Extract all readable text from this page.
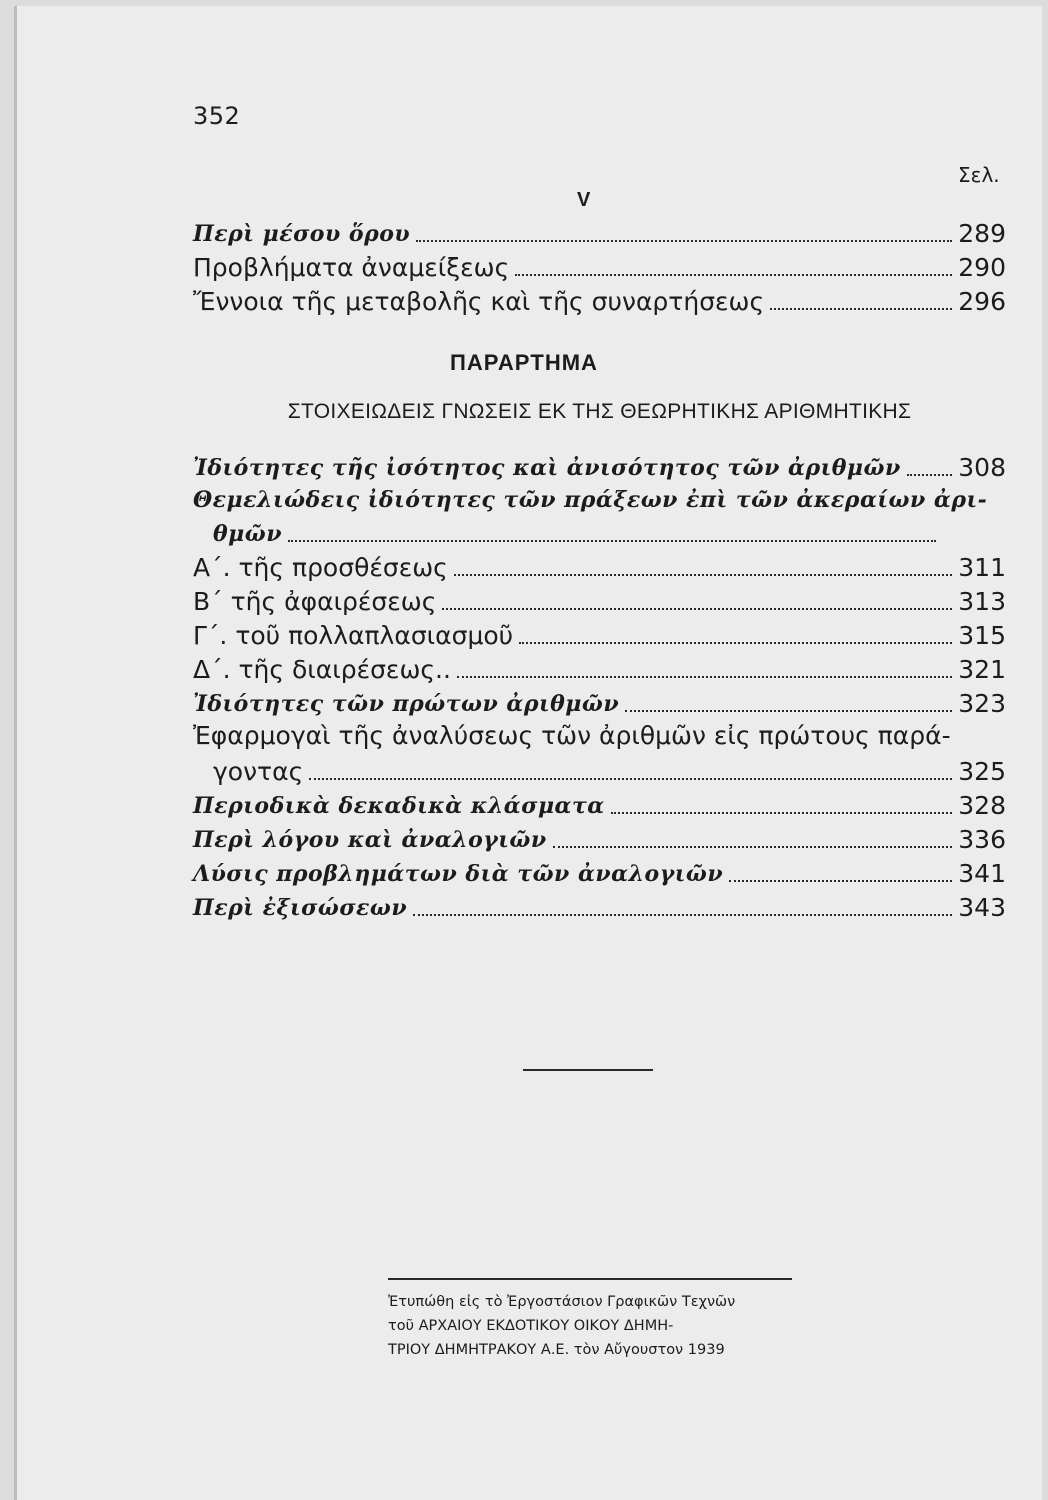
352
Σελ.
V
Περὶ μέσου ὅρου	289
Προβλήματα ἀναμείξεως	290
Ἔννοια τῆς μεταβολῆς καὶ τῆς συναρτήσεως	296
ΠΑΡΑΡΤΗΜΑ
ΣΤΟΙΧΕΙΩΔΕΙΣ ΓΝΩΣΕΙΣ ΕΚ ΤΗΣ ΘΕΩΡΗΤΙΚΗΣ ΑΡΙΘΜΗΤΙΚΗΣ
Ἰδιότητες τῆς ἰσότητος καὶ ἀνισότητος τῶν ἀριθμῶν 308
Θεμελιώδεις ἰδιότητες τῶν πράξεων ἐπὶ τῶν ἀκεραίων ἀρι-
θμῶν
Α΄. τῆς προσθέσεως	311
Β΄ τῆς ἀφαιρέσεως	313
Γ΄. τοῦ πολλαπλασιασμοῦ	315
Δ΄. τῆς διαιρέσεως..	321
Ἰδιότητες τῶν πρώτων ἀριθμῶν	323
Ἐφαρμογαὶ τῆς ἀναλύσεως τῶν ἀριθμῶν εἰς πρώτους παρά-
γοντας	325
Περιοδικὰ δεκαδικὰ κλάσματα	328
Περὶ λόγου καὶ ἀναλογιῶν	336
Λύσις προβλημάτων διὰ τῶν ἀναλογιῶν	341
Περὶ ἐξισώσεων	343
Ἐτυπώθη εἰς τὸ Ἐργοστάσιον Γραφικῶν Τεχνῶν
τοῦ ΑΡΧΑΙΟΥ ΕΚΔΟΤΙΚΟΥ ΟΙΚΟΥ ΔΗΜΗ-
ΤΡΙΟΥ ΔΗΜΗΤΡΑΚΟΥ Α.Ε. τὸν Αὔγουστον 1939
